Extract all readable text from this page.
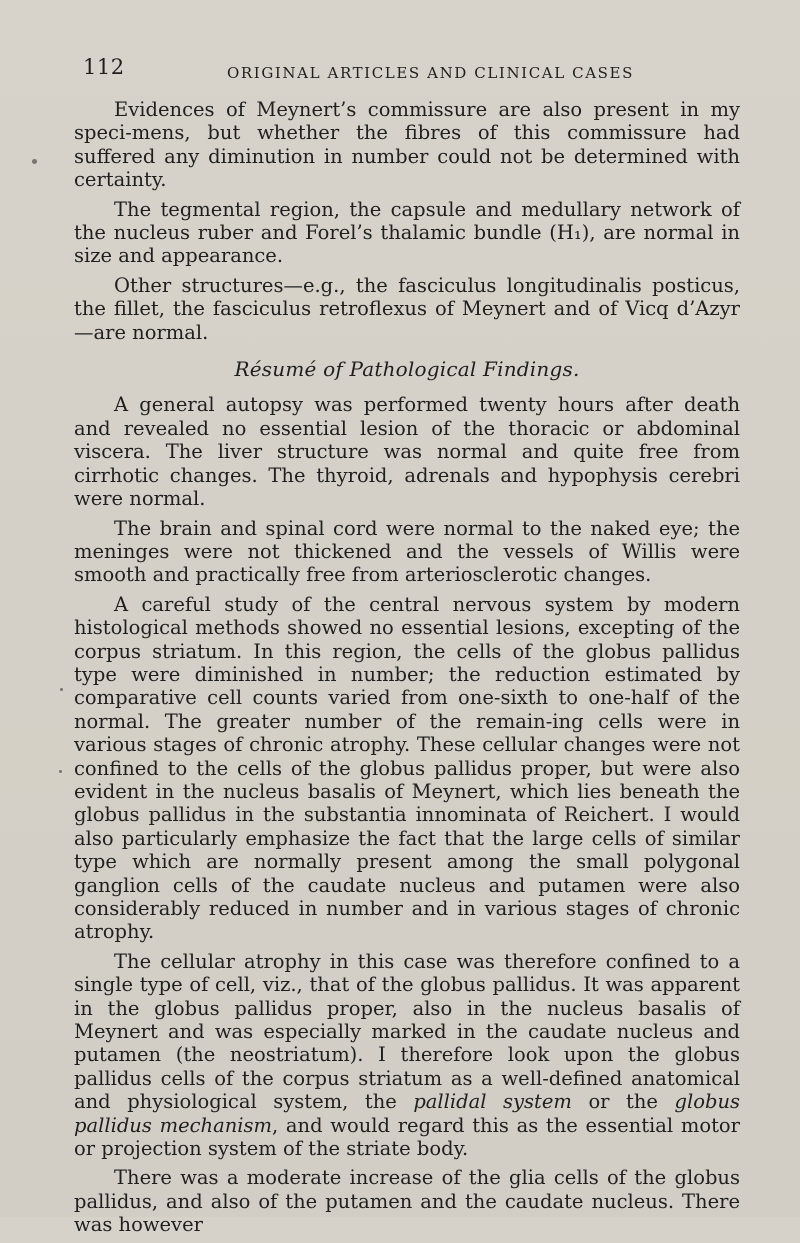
112	ORIGINAL ARTICLES AND CLINICAL CASES

Evidences of Meynert’s commissure are also present in my speci-mens, but whether the fibres of this commissure had suffered any diminution in number could not be determined with certainty.

The tegmental region, the capsule and medullary network of the nucleus ruber and Forel’s thalamic bundle (H₁), are normal in size and appearance.

Other structures—e.g., the fasciculus longitudinalis posticus, the fillet, the fasciculus retroflexus of Meynert and of Vicq d’Azyr—are normal.

Résumé of Pathological Findings.

A general autopsy was performed twenty hours after death and revealed no essential lesion of the thoracic or abdominal viscera. The liver structure was normal and quite free from cirrhotic changes. The thyroid, adrenals and hypophysis cerebri were normal.

The brain and spinal cord were normal to the naked eye; the meninges were not thickened and the vessels of Willis were smooth and practically free from arteriosclerotic changes.

A careful study of the central nervous system by modern histological methods showed no essential lesions, excepting of the corpus striatum. In this region, the cells of the globus pallidus type were diminished in number; the reduction estimated by comparative cell counts varied from one-sixth to one-half of the normal. The greater number of the remain-ing cells were in various stages of chronic atrophy. These cellular changes were not confined to the cells of the globus pallidus proper, but were also evident in the nucleus basalis of Meynert, which lies beneath the globus pallidus in the substantia innominata of Reichert. I would also particularly emphasize the fact that the large cells of similar type which are normally present among the small polygonal ganglion cells of the caudate nucleus and putamen were also considerably reduced in number and in various stages of chronic atrophy.

The cellular atrophy in this case was therefore confined to a single type of cell, viz., that of the globus pallidus. It was apparent in the globus pallidus proper, also in the nucleus basalis of Meynert and was especially marked in the caudate nucleus and putamen (the neostriatum). I therefore look upon the globus pallidus cells of the corpus striatum as a well-defined anatomical and physiological system, the pallidal system or the globus pallidus mechanism, and would regard this as the essential motor or projection system of the striate body.

There was a moderate increase of the glia cells of the globus pallidus, and also of the putamen and the caudate nucleus. There was however
